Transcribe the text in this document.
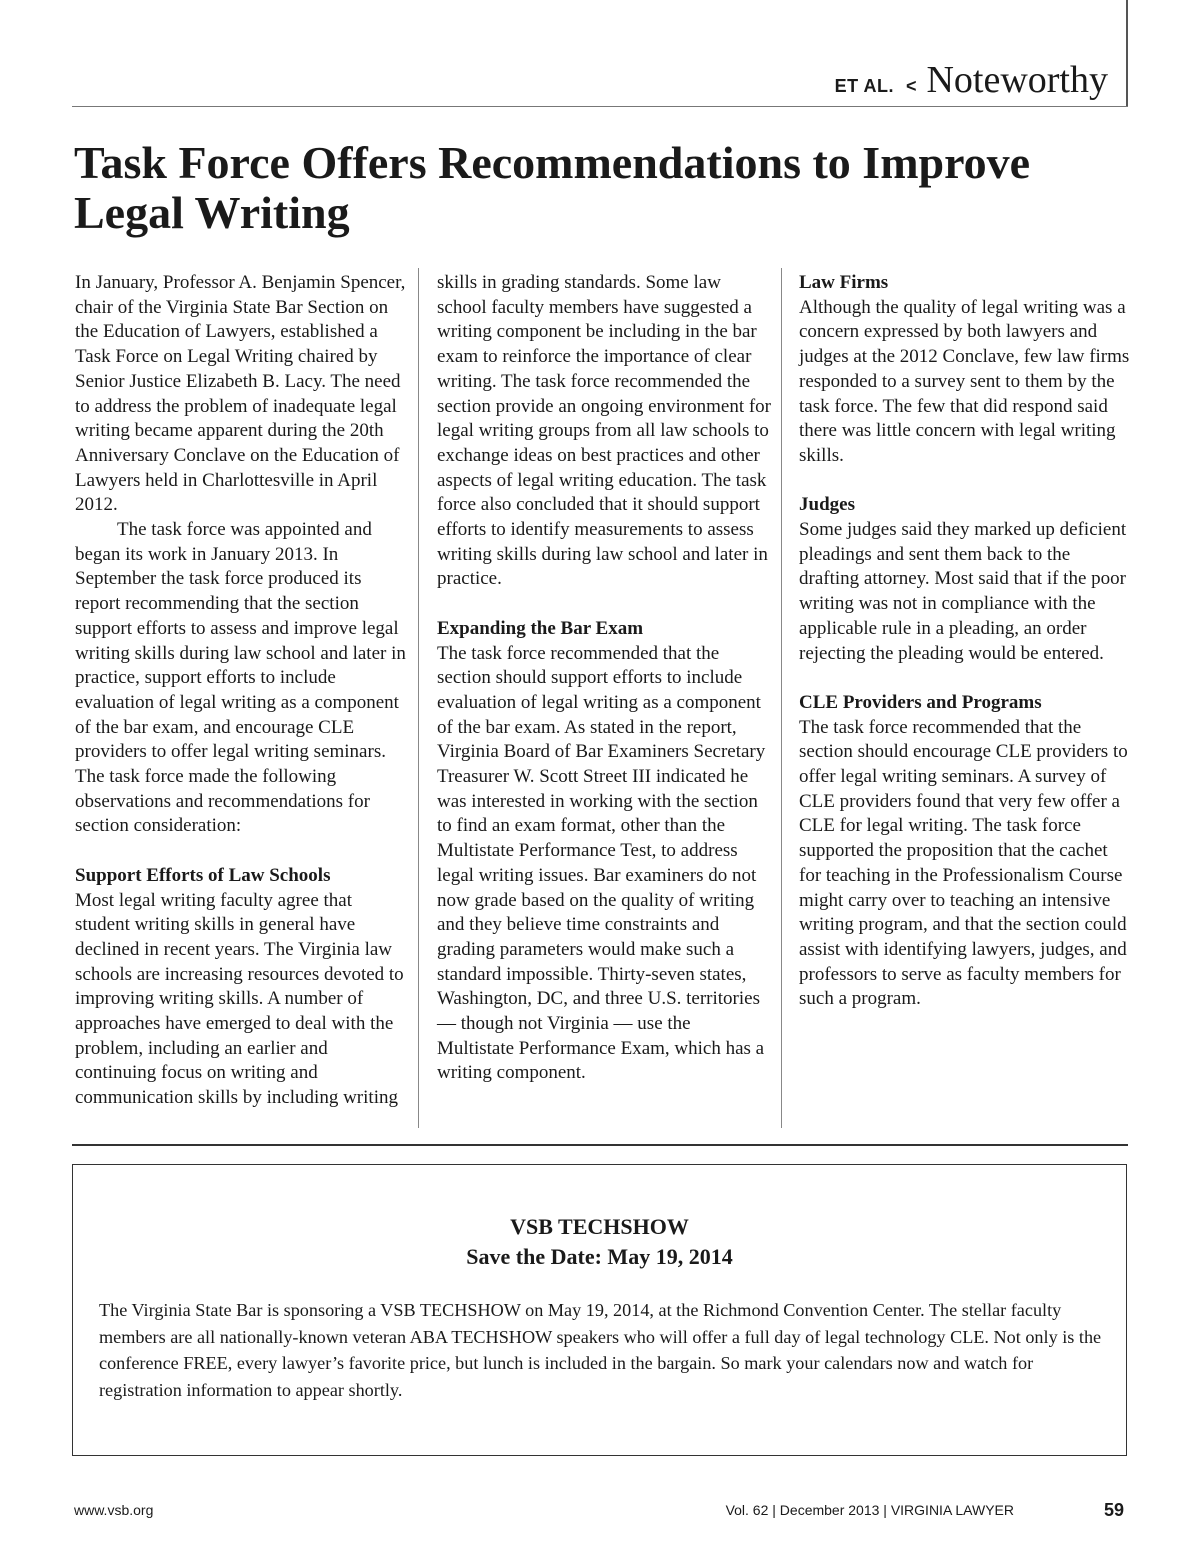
ET AL. < Noteworthy
Task Force Offers Recommendations to Improve Legal Writing

In January, Professor A. Benjamin Spencer, chair of the Virginia State Bar Section on the Education of Lawyers, established a Task Force on Legal Writing chaired by Senior Justice Elizabeth B. Lacy. The need to address the problem of inadequate legal writing became apparent during the 20th Anniversary Conclave on the Education of Lawyers held in Charlottesville in April 2012.

The task force was appointed and began its work in January 2013. In September the task force produced its report recommending that the section support efforts to assess and improve legal writing skills during law school and later in practice, support efforts to include evaluation of legal writing as a component of the bar exam, and encourage CLE providers to offer legal writing seminars. The task force made the following observations and recommendations for section consideration:

Support Efforts of Law Schools

Most legal writing faculty agree that student writing skills in general have declined in recent years. The Virginia law schools are increasing resources devoted to improving writing skills. A number of approaches have emerged to deal with the problem, including an earlier and continuing focus on writing and communication skills by including writing

skills in grading standards. Some law school faculty members have suggested a writing component be including in the bar exam to reinforce the importance of clear writing. The task force recommended the section provide an ongoing environment for legal writing groups from all law schools to exchange ideas on best practices and other aspects of legal writing education. The task force also concluded that it should support efforts to identify measurements to assess writing skills during law school and later in practice.

Expanding the Bar Exam

The task force recommended that the section should support efforts to include evaluation of legal writing as a component of the bar exam. As stated in the report, Virginia Board of Bar Examiners Secretary Treasurer W. Scott Street III indicated he was interested in working with the section to find an exam format, other than the Multistate Performance Test, to address legal writing issues. Bar examiners do not now grade based on the quality of writing and they believe time constraints and grading parameters would make such a standard impossible. Thirty-seven states, Washington, DC, and three U.S. territories — though not Virginia — use the Multistate Performance Exam, which has a writing component.

Law Firms

Although the quality of legal writing was a concern expressed by both lawyers and judges at the 2012 Conclave, few law firms responded to a survey sent to them by the task force. The few that did respond said there was little concern with legal writing skills.

Judges

Some judges said they marked up deficient pleadings and sent them back to the drafting attorney. Most said that if the poor writing was not in compliance with the applicable rule in a pleading, an order rejecting the pleading would be entered.

CLE Providers and Programs

The task force recommended that the section should encourage CLE providers to offer legal writing seminars. A survey of CLE providers found that very few offer a CLE for legal writing. The task force supported the proposition that the cachet for teaching in the Professionalism Course might carry over to teaching an intensive writing program, and that the section could assist with identifying lawyers, judges, and professors to serve as faculty members for such a program.

VSB TECHSHOW
Save the Date: May 19, 2014

The Virginia State Bar is sponsoring a VSB TECHSHOW on May 19, 2014, at the Richmond Convention Center. The stellar faculty members are all nationally-known veteran ABA TECHSHOW speakers who will offer a full day of legal technology CLE. Not only is the conference FREE, every lawyer’s favorite price, but lunch is included in the bargain. So mark your calendars now and watch for registration information to appear shortly.

www.vsb.org	Vol. 62 | December 2013 | VIRGINIA LAWYER	59
